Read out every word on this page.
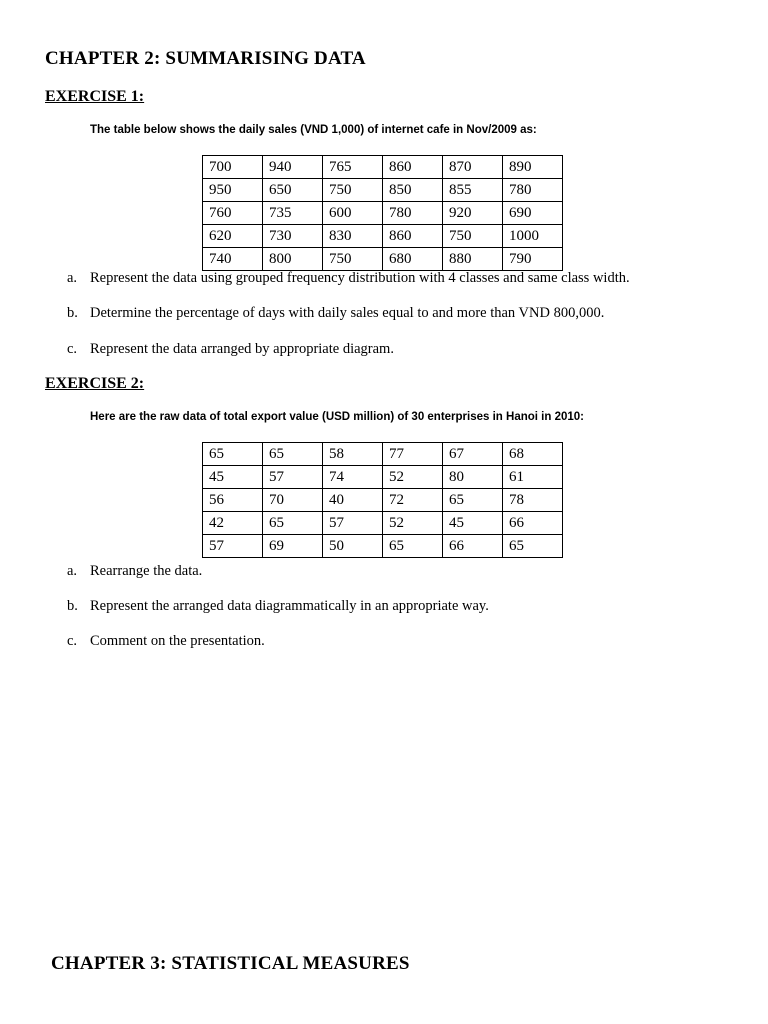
CHAPTER 2: SUMMARISING DATA
EXERCISE 1:
The table below shows the daily sales (VND 1,000) of internet cafe in Nov/2009 as:
700	940	765	860	870	890
950	650	750	850	855	780
760	735	600	780	920	690
620	730	830	860	750	1000
740	800	750	680	880	790
a. Represent the data using grouped frequency distribution with 4 classes and same class width.
b. Determine the percentage of days with daily sales equal to and more than VND 800,000.
c. Represent the data arranged by appropriate diagram.
EXERCISE 2:
Here are the raw data of total export value (USD million) of 30 enterprises in Hanoi in 2010:
65	65	58	77	67	68
45	57	74	52	80	61
56	70	40	72	65	78
42	65	57	52	45	66
57	69	50	65	66	65
a. Rearrange the data.
b. Represent the arranged data diagrammatically in an appropriate way.
c. Comment on the presentation.
CHAPTER 3: STATISTICAL MEASURES
